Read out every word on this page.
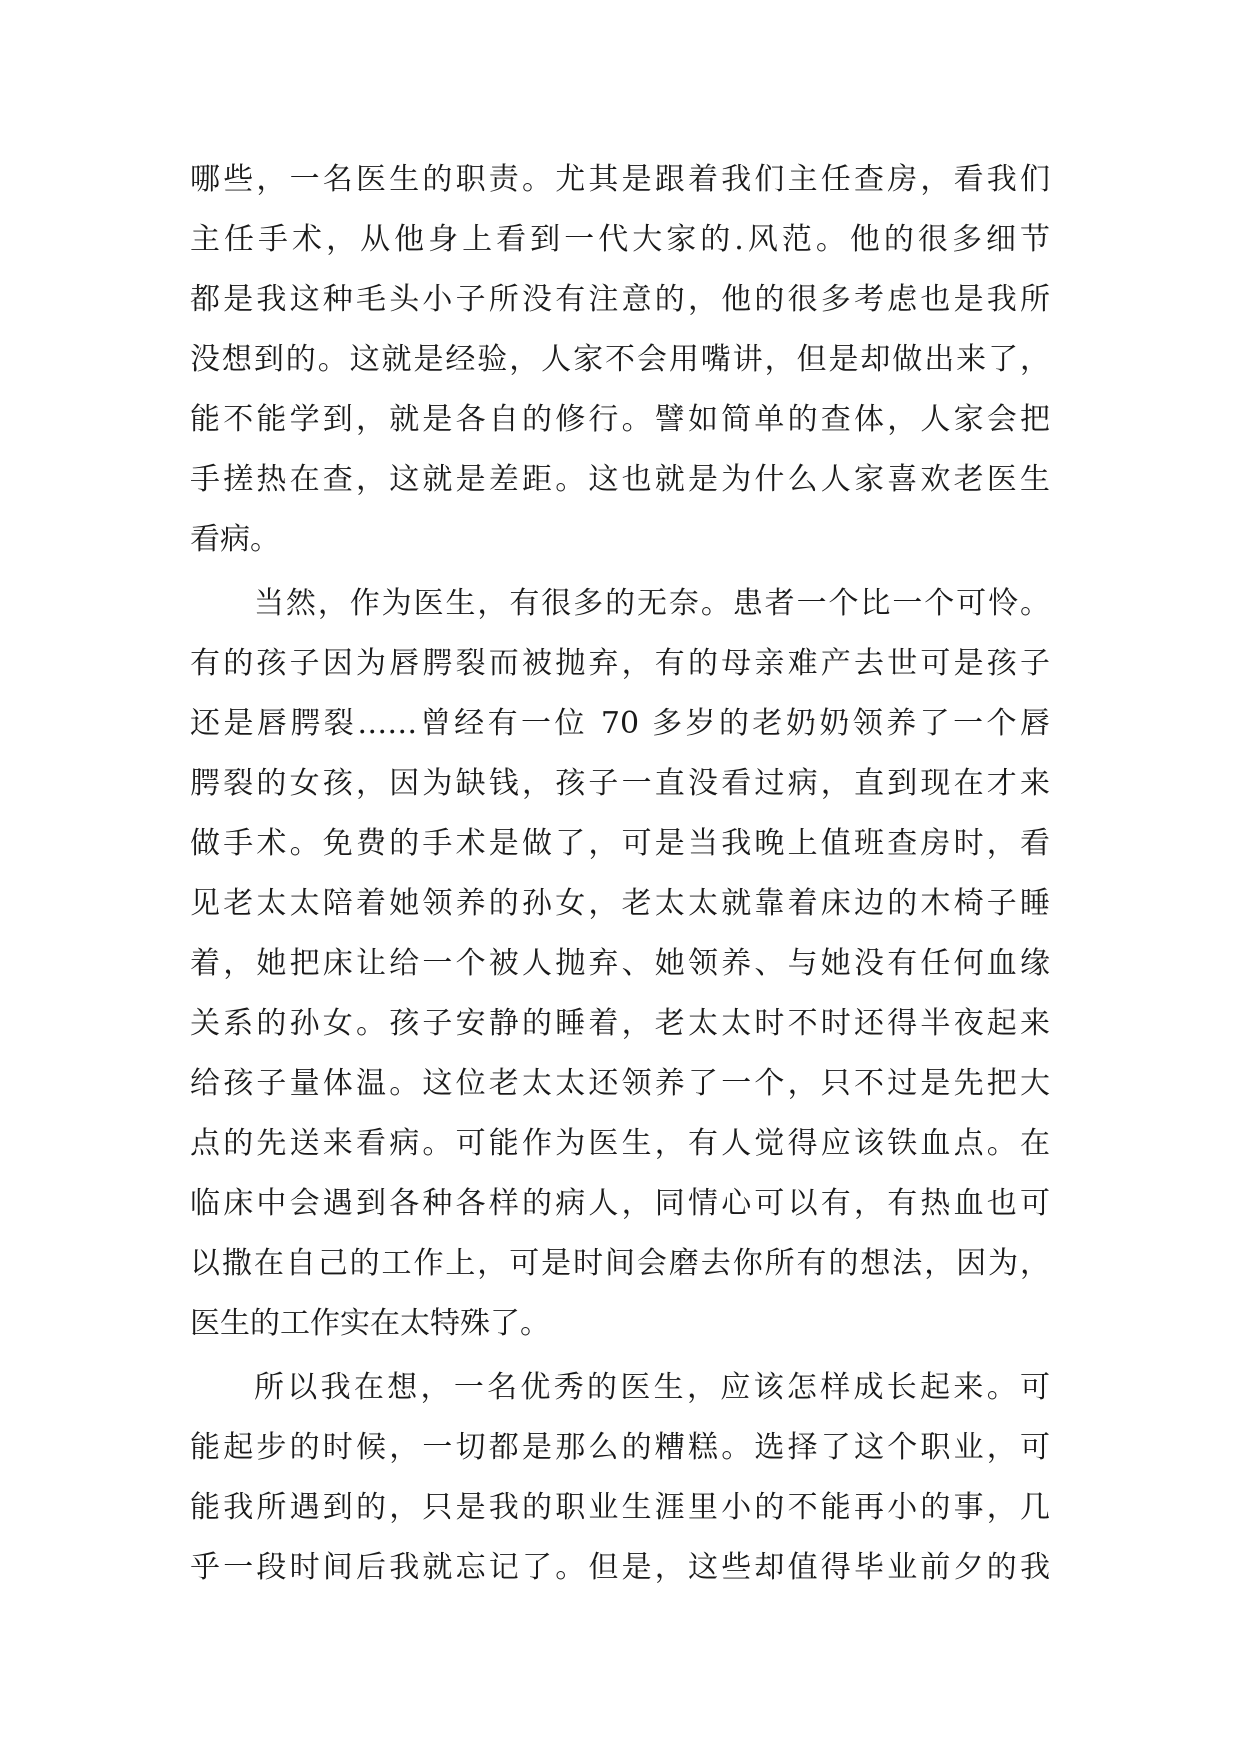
哪些，一名医生的职责。尤其是跟着我们主任查房，看我们
主任手术，从他身上看到一代大家的.风范。他的很多细节
都是我这种毛头小子所没有注意的，他的很多考虑也是我所
没想到的。这就是经验，人家不会用嘴讲，但是却做出来了，
能不能学到，就是各自的修行。譬如简单的查体，人家会把
手搓热在查，这就是差距。这也就是为什么人家喜欢老医生
看病。
当然，作为医生，有很多的无奈。患者一个比一个可怜。
有的孩子因为唇腭裂而被抛弃，有的母亲难产去世可是孩子
还是唇腭裂……曾经有一位 70 多岁的老奶奶领养了一个唇
腭裂的女孩，因为缺钱，孩子一直没看过病，直到现在才来
做手术。免费的手术是做了，可是当我晚上值班查房时，看
见老太太陪着她领养的孙女，老太太就靠着床边的木椅子睡
着，她把床让给一个被人抛弃、她领养、与她没有任何血缘
关系的孙女。孩子安静的睡着，老太太时不时还得半夜起来
给孩子量体温。这位老太太还领养了一个，只不过是先把大
点的先送来看病。可能作为医生，有人觉得应该铁血点。在
临床中会遇到各种各样的病人，同情心可以有，有热血也可
以撒在自己的工作上，可是时间会磨去你所有的想法，因为，
医生的工作实在太特殊了。
所以我在想，一名优秀的医生，应该怎样成长起来。可
能起步的时候，一切都是那么的糟糕。选择了这个职业，可
能我所遇到的，只是我的职业生涯里小的不能再小的事，几
乎一段时间后我就忘记了。但是，这些却值得毕业前夕的我
